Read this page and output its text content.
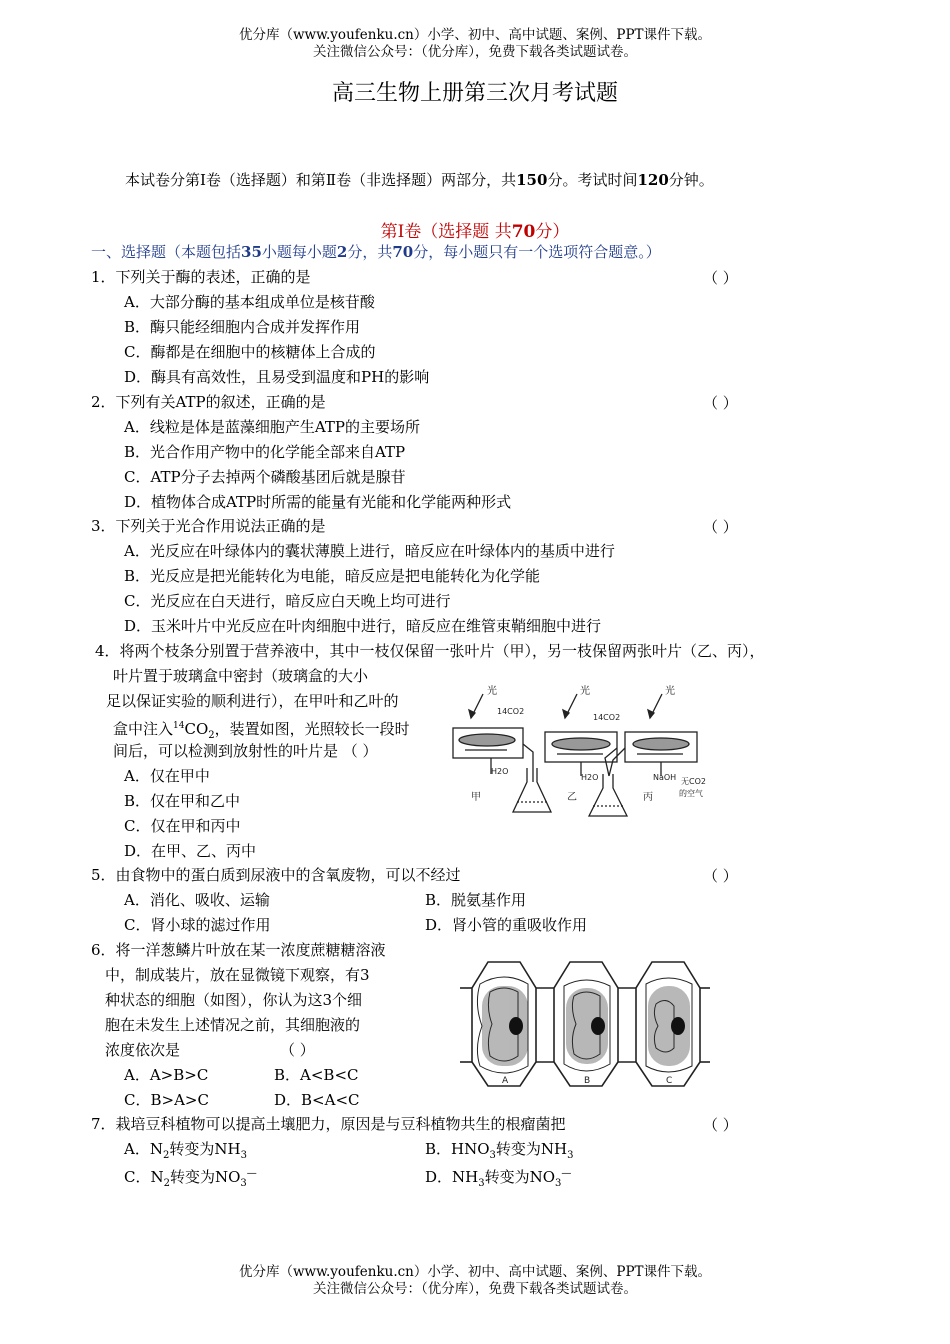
优分库（www.youfenku.cn）小学、初中、高中试题、案例、PPT课件下载。
关注微信公众号：（优分库），免费下载各类试题试卷。
高三生物上册第三次月考试题
本试卷分第Ⅰ卷（选择题）和第Ⅱ卷（非选择题）两部分，共150分。考试时间120分钟。
第Ⅰ卷（选择题 共70分）
一、选择题（本题包括35小题每小题2分，共70分，每小题只有一个选项符合题意。）
1．下列关于酶的表述，正确的是	（ ）
A．大部分酶的基本组成单位是核苷酸
B．酶只能经细胞内合成并发挥作用
C．酶都是在细胞中的核糖体上合成的
D．酶具有高效性，且易受到温度和PH的影响
2．下列有关ATP的叙述，正确的是	（ ）
A．线粒是体是蓝藻细胞产生ATP的主要场所
B．光合作用产物中的化学能全部来自ATP
C．ATP分子去掉两个磷酸基团后就是腺苷
D．植物体合成ATP时所需的能量有光能和化学能两种形式
3．下列关于光合作用说法正确的是	（ ）
A．光反应在叶绿体内的囊状薄膜上进行，暗反应在叶绿体内的基质中进行
B．光反应是把光能转化为电能，暗反应是把电能转化为化学能
C．光反应在白天进行，暗反应白天晚上均可进行
D．玉米叶片中光反应在叶肉细胞中进行，暗反应在维管束鞘细胞中进行
4．将两个枝条分别置于营养液中，其中一枝仅保留一张叶片（甲），另一枝保留两张叶片（乙、丙），
叶片置于玻璃盒中密封（玻璃盒的大小
足以保证实验的顺利进行），在甲叶和乙叶的
盒中注入$^{14}CO_2$，装置如图，光照较长一段时
间后，可以检测到放射性的叶片是 （ ）
A．仅在甲中
B．仅在甲和乙中
C．仅在甲和丙中
D．在甲、乙、丙中
光	光	光
14CO2
14CO2
H2O
H2O	NaOH 无CO2
的空气
甲	乙	丙
5．由食物中的蛋白质到尿液中的含氧废物，可以不经过	（ ）
A．消化、吸收、运输	B．脱氨基作用
C．肾小球的滤过作用	D．肾小管的重吸收作用
6．将一洋葱鳞片叶放在某一浓度蔗糖糖溶液
中，制成装片，放在显微镜下观察，有3
种状态的细胞（如图），你认为这3个细
胞在未发生上述情况之前，其细胞液的
浓度依次是	（ ）
A．A>B>C	B．A<B<C
C．B>A>C	D．B<A<C
A	B	C
7．栽培豆科植物可以提高土壤肥力，原因是与豆科植物共生的根瘤菌把	（ ）
A．$N_2$转变为$NH_3$	B．$HNO_3$转变为$NH_3$
C．$N_2$转变为$NO_3^—$	D．$NH_3$转变为$NO_3^—$
优分库（www.youfenku.cn）小学、初中、高中试题、案例、PPT课件下载。
关注微信公众号：（优分库），免费下载各类试题试卷。
